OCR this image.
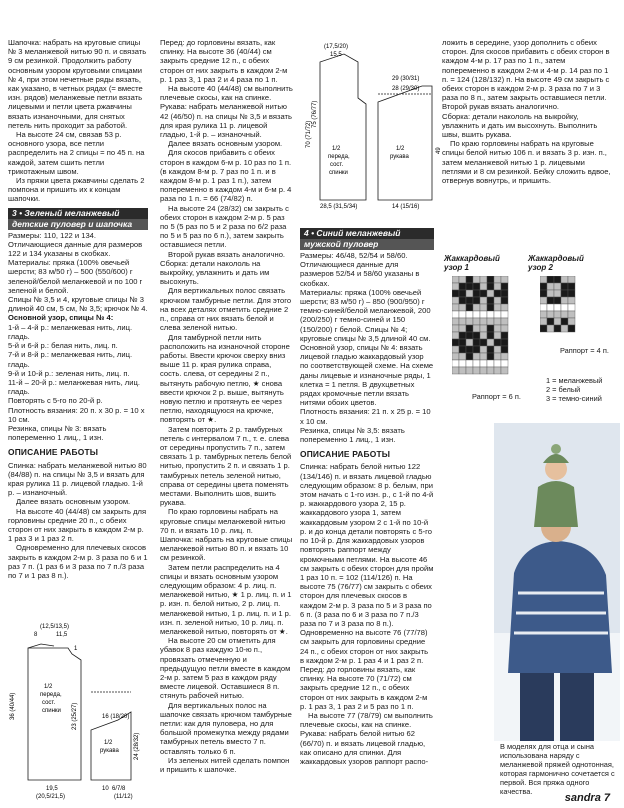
Шапочка: набрать на круговые спицы № 3 меланжевой нитью 90 п. и связать 9 см резинкой. Продолжить работу основным узором круговыми спицами № 4, при этом нечетные ряды вязать, как указано, в четных рядах (= вместе изн. рядов) меланжевые петли вязать лицевыми и петли цвета ржавчины вязать изнаночными, для снятых петель нить проходит за работой.

На высоте 24 см, связав 53 р. основного узора, все петли распределить на 2 спицы = по 45 п. на каждой, затем сшить петли трикотажным швом.

Из пряжи цвета ржавчины сделать 2 помпона и пришить их к концам шапочки.

3 • Зеленый меланжевый
детские пуловер и шапочка

Размеры: 110, 122 и 134.

Отличающиеся данные для размеров 122 и 134 указаны в скобках.

Материалы: пряжа (100% овечьей шерсти; 83 м/50 г) – 500 (550/600) г зеленой/белой меланжевой и по 100 г зеленой и белой.

Спицы № 3,5 и 4, круговые спицы № 3 длиной 40 см, 5 см, № 3,5; крючок № 4.

Основной узор, спицы № 4:

1-й – 4-й р.: меланжевая нить, лиц. гладь.

5-й и 6-й р.: белая нить, лиц. п.

7-й и 8-й р.: меланжевая нить, лиц. гладь.

9-й и 10-й р.: зеленая нить, лиц. п.

11-й – 20-й р.: меланжевая нить, лиц. гладь.

Повторять с 5-го по 20-й р.

Плотность вязания: 20 п. x 30 р. = 10 x 10 см.

Резинка, спицы № 3: вязать попеременно 1 лиц., 1 изн.

ОПИСАНИЕ РАБОТЫ

Спинка: набрать меланжевой нитью 80 (84/88) п. на спицы № 3,5 и вязать для края рулика 11 р. лицевой гладью. 1-й р. – изнаночный.

Далее вязать основным узором.

На высоте 40 (44/48) см закрыть для горловины средние 20 п., с обеих сторон от них закрыть в каждом 2-м р. 1 раз 3 и 1 раз 2 п.

Одновременно для плечевых скосов закрыть в каждом 2-м р. 3 раза по 6 и 1 раз 7 п. (1 раз 6 и 3 раза по 7 п./3 раза по 7 и 1 раз 8 п.).

(12,5/13,5)
8	11,5
1
36 (40/44)
1/2
переда,
сост.
спинки 23 (25/27)
19,5
(20,5/21,5)
16 (18/20)
24 (28/32)
1/2
рукава
10 6/7/8
(11/12)

Перед: до горловины вязать, как спинку. На высоте 36 (40/44) см закрыть средние 12 п., с обеих сторон от них закрыть в каждом 2-м р. 1 раз 3, 1 раз 2 и 4 раза по 1 п.

На высоте 40 (44/48) см выполнить плечевые скосы, как на спинке.

Рукава: набрать меланжевой нитью 42 (46/50) п. на спицы № 3,5 и вязать для края рулика 11 р. лицевой гладью, 1-й р. – изнаночный.

Далее вязать основным узором.

Для скосов прибавить с обеих сторон в каждом 6-м р. 10 раз по 1 п. (в каждом 8-м р. 7 раз по 1 п. и в каждом 8-м р. 1 раз 1 п.), затем попеременно в каждом 4-м и 6-м р. 4 раза по 1 п. = 66 (74/82) п.

На высоте 24 (28/32) см закрыть с обеих сторон в каждом 2-м р. 5 раз по 5 (5 раз по 5 и 2 раза по 6/2 раза по 5 и 5 раз по 6 п.), затем закрыть оставшиеся петли.

Второй рукав вязать аналогично.

Сборка: детали накололь на выкройку, увлажнить и дать им высохнуть.

Для вертикальных полос связать крючком тамбурные петли. Для этого на всех деталях отметить средние 2 п., справа от них вязать белой и слева зеленой нитью.

Для тамбурной петли нить расположить на изнаночной стороне работы. Ввести крючок сверху вниз выше 11 р. края рулика справа, сость. слева, от середины 2 п., вытянуть рабочую петлю, ★ снова ввести крючок 2 р. выше, вытянуть новую петлю и протянуть ее через петлю, находящуюся на крючке, повторять от ★.

Затем повторить 2 р. тамбурных петель с интервалом 7 п., т. е. слева от середины пропустить 7 п., затем связать 1 р. тамбурных петель белой нитью, пропустить 2 п. и связать 1 р. тамбурных петель зеленой нитью, справа от середины цвета поменять местами. Выполнить шов, вшить рукава.

По краю горловины набрать на круговые спицы меланжевой нитью 70 п. и вязать 10 р. лиц. п.

Шапочка: набрать на круговые спицы меланжевой нитью 80 п. и вязать 10 см резинкой.

Затем петли распределить на 4 спицы и вязать основным узором следующим образом: 4 р. лиц. п. меланжевой нитью, ★ 1 р. лиц. п. и 1 р. изн. п. белой нитью, 2 р. лиц. п. меланжевой нитью, 1 р. лиц. п. и 1 р. изн. п. зеленой нитью, 10 р. лиц. п. меланжевой нитью, повторять от ★.

На высоте 20 см отметить для убавок 8 раз каждую 10-ю п., провязать отмеченную и предыдущую петли вместе в каждом 2-м р. затем 5 раз в каждом ряду вместе лицевой. Оставшиеся 8 п. стянуть рабочей нитью.

Для вертикальных полос на шапочке связать крючком тамбурные петли: как для пуловера, но для большой промежутка между рядами тамбурных петель вместо 7 п. оставлять только 6 п.

Из зеленых нитей сделать помпон и пришить к шапочке.

(17,5/20)
15,5
29 (30/31)
28 (29/30)
70 (71/72)
75 (76/77)
1/2
переда,
сост.
спинки
1/2
рукава
49
28,5 (31,5/34)	14 (15/16)
4 • Синий меланжевый
мужской пуловер

Размеры: 46/48, 52/54 и 58/60.

Отличающиеся данные для размеров 52/54 и 58/60 указаны в скобках.

Материалы: пряжа (100% овечьей шерсти; 83 м/50 г) – 850 (900/950) г темно-синей/белой меланжевой, 200 (200/250) г темно-синей и 150 (150/200) г белой. Спицы № 4; круговые спицы № 3,5 длиной 40 см.

Основной узор, спицы № 4: вязать лицевой гладью жаккардовый узор по соответствующей схеме. На схеме даны лицевые и изнаночные ряды, 1 клетка = 1 петля. В двухцветных рядах кромочные петли вязать нитями обоих цветов.

Плотность вязания: 21 п. x 25 р. = 10 x 10 см.

Резинка, спицы № 3,5: вязать попеременно 1 лиц., 1 изн.

ОПИСАНИЕ РАБОТЫ

Спинка: набрать белой нитью 122 (134/146) п. и вязать лицевой гладью следующим образом: 8 р. белым, при этом начать с 1-го изн. р., с 1-й по 4-й р. жаккардового узора 2, 15 р. жаккардового узора 1, затем жаккардовым узором 2 с 1-й по 10-й р. и до конца детали повторять с 5-го по 10-й р. Для жаккардовых узоров повторять раппорт между кромочными петлями. На высоте 46 см закрыть с обеих сторон для пройм 1 раз 10 п. = 102 (114/126) п. На высоте 75 (76/77) см закрыть с обеих сторон для плечевых скосов в каждом 2-м р. 3 раза по 5 и 3 раза по 6 п. (3 раза по 6 и 3 раза по 7 п./3 раза по 7 и 3 раза по 8 п.). Одновременно на высоте 76 (77/78) см закрыть для горловины средние 24 п., с обеих сторон от них закрыть в каждом 2-м р. 1 раз 4 и 1 раз 2 п.

Перед: до горловины вязать, как спинку. На высоте 70 (71/72) см закрыть средние 12 п., с обеих сторон от них закрыть в каждом 2-м р. 1 раз 3, 1 раз 2 и 5 раз по 1 п.

На высоте 77 (78/79) см выполнить плечевые скосы, как на спинке.

Рукава: набрать белой нитью 62 (66/70) п. и вязать лицевой гладью, как описано для спинки. Для жаккардовых узоров раппорт распо-

ложить в середине, узор дополнить с обеих сторон. Для скосов прибавить с обеих сторон в каждом 4-м р. 17 раз по 1 п., затем попеременно в каждом 2-м и 4-м р. 14 раз по 1 п. = 124 (128/132) п. На высоте 49 см закрыть с обеих сторон в каждом 2-м р. 3 раза по 7 и 3 раза по 8 п., затем закрыть оставшиеся петли. Второй рукав вязать аналогично.

Сборка: детали накололь на выкройку, увлажнить и дать им высохнуть. Выполнить швы, вшить рукава.

По краю горловины набрать на круговые спицы белой нитью 106 п. и вязать 3 р. изн. п., затем меланжевой нитью 1 р. лицевыми петлями и 8 см резинкой. Бейку сложить вдвое, отвернув вовнутрь, и пришить.

Жаккардовый узор 1
Жаккардовый узор 2
Раппорт = 6 п.
Раппорт = 4 п.
1 = меланжевый
2 = белый
3 = темно-синий
В моделях для отца и сына использована наряду с меланжевой пряжей однотонная, которая гармонично сочетается с первой. Вся пряжа одного качества.
sandra 7
